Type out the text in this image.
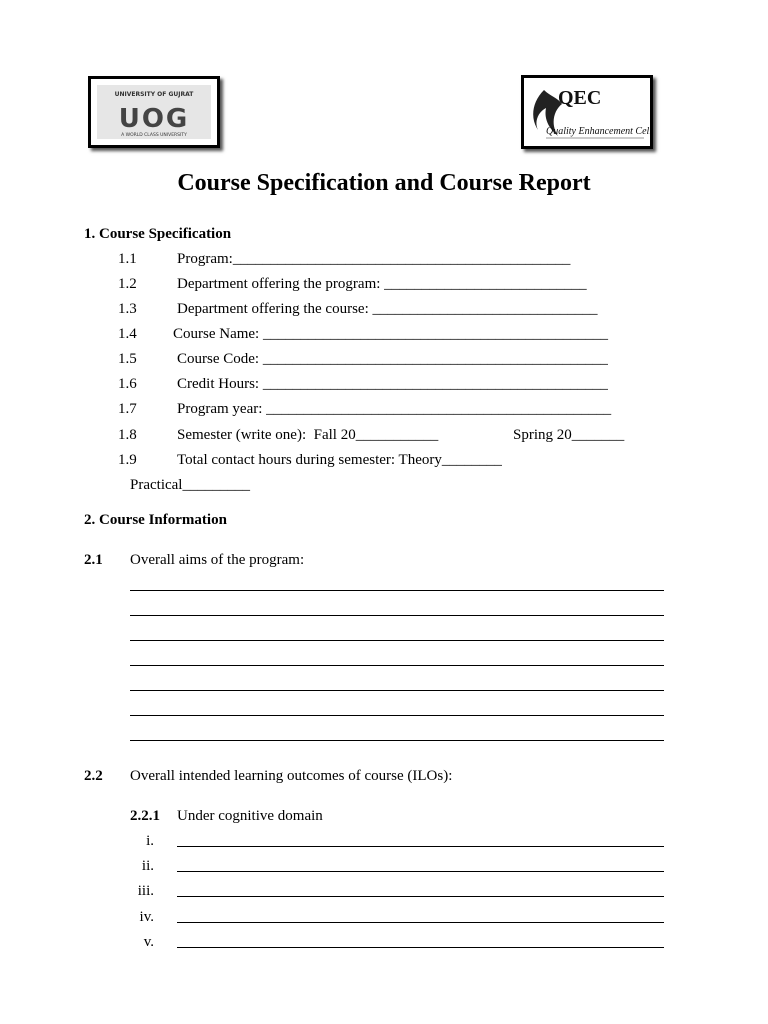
UNIVERSITY OF GUJRAT
UOG
A WORLD CLASS UNIVERSITY
QEC
Quality Enhancement Cell
Course Specification and Course Report
1. Course Specification
1.1	Program:_____________________________________________
1.2	Department offering the program: ___________________________
1.3	Department offering the course: ______________________________
1.4 Course Name: ______________________________________________
1.5	Course Code: ______________________________________________
1.6	Credit Hours: ______________________________________________
1.7	Program year: ______________________________________________
1.8	Semester (write one):  Fall 20___________	Spring 20_______
1.9	Total contact hours during semester: Theory________
Practical_________
2. Course Information
2.1 Overall aims of the program:
2.2 Overall intended learning outcomes of course (ILOs):
2.2.1 Under cognitive domain
i.
ii.
iii.
iv.
v.
